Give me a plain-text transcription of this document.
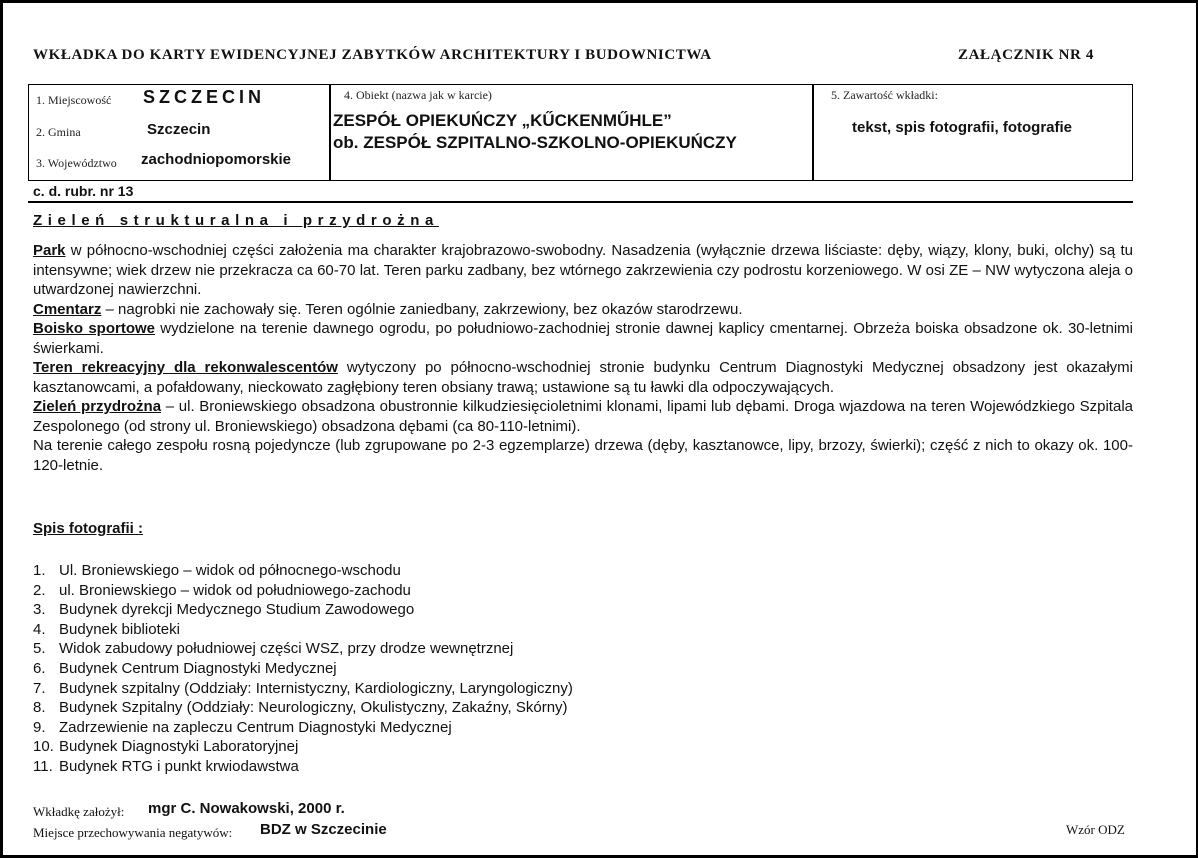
WKŁADKA DO KARTY EWIDENCYJNEJ ZABYTKÓW ARCHITEKTURY I BUDOWNICTWA	ZAŁĄCZNIK NR 4
1. Miejscowość SZCZECIN
2. Gmina	Szczecin
3. Województwo zachodniopomorskie
4. Obiekt (nazwa jak w karcie)
ZESPÓŁ OPIEKUŃCZY „KŰCKENMŰHLE”
ob. ZESPÓŁ SZPITALNO-SZKOLNO-OPIEKUŃCZY
5. Zawartość wkładki:
tekst, spis fotografii, fotografie
c. d. rubr. nr 13
Zieleń strukturalna i przydrożna

Park w północno-wschodniej części założenia ma charakter krajobrazowo-swobodny. Nasadzenia (wyłącznie drzewa liściaste: dęby, wiązy, klony, buki, olchy) są tu intensywne; wiek drzew nie przekracza ca 60-70 lat. Teren parku zadbany, bez wtórnego zakrzewienia czy podrostu korzeniowego. W osi ZE – NW wytyczona aleja o utwardzonej nawierzchni.

Cmentarz – nagrobki nie zachowały się. Teren ogólnie zaniedbany, zakrzewiony, bez okazów starodrzewu.

Boisko sportowe wydzielone na terenie dawnego ogrodu, po południowo-zachodniej stronie dawnej kaplicy cmentarnej. Obrzeża boiska obsadzone ok. 30-letnimi świerkami.

Teren rekreacyjny dla rekonwalescentów wytyczony po północno-wschodniej stronie budynku Centrum Diagnostyki Medycznej obsadzony jest okazałymi kasztanowcami, a pofałdowany, nieckowato zagłębiony teren obsiany trawą; ustawione są tu ławki dla odpoczywających.

Zieleń przydrożna – ul. Broniewskiego obsadzona obustronnie kilkudziesięcioletnimi klonami, lipami lub dębami. Droga wjazdowa na teren Wojewódzkiego Szpitala Zespolonego (od strony ul. Broniewskiego) obsadzona dębami (ca 80-110-letnimi).

Na terenie całego zespołu rosną pojedyncze (lub zgrupowane po 2-3 egzemplarze) drzewa (dęby, kasztanowce, lipy, brzozy, świerki); część z nich to okazy ok. 100-120-letnie.

Spis fotografii :
1. Ul. Broniewskiego – widok od północnego-wschodu
2. ul. Broniewskiego – widok od południowego-zachodu
3. Budynek dyrekcji Medycznego Studium Zawodowego
4. Budynek biblioteki
5. Widok zabudowy południowej części WSZ, przy drodze wewnętrznej
6. Budynek Centrum Diagnostyki Medycznej
7. Budynek szpitalny (Oddziały: Internistyczny, Kardiologiczny, Laryngologiczny)
8. Budynek Szpitalny (Oddziały: Neurologiczny, Okulistyczny, Zakaźny, Skórny)
9. Zadrzewienie na zapleczu Centrum Diagnostyki Medycznej
10. Budynek Diagnostyki Laboratoryjnej
11. Budynek RTG i punkt krwiodawstwa
Wkładkę założył: mgr C. Nowakowski, 2000 r.
Miejsce przechowywania negatywów: BDZ w Szczecinie	Wzór ODZ
